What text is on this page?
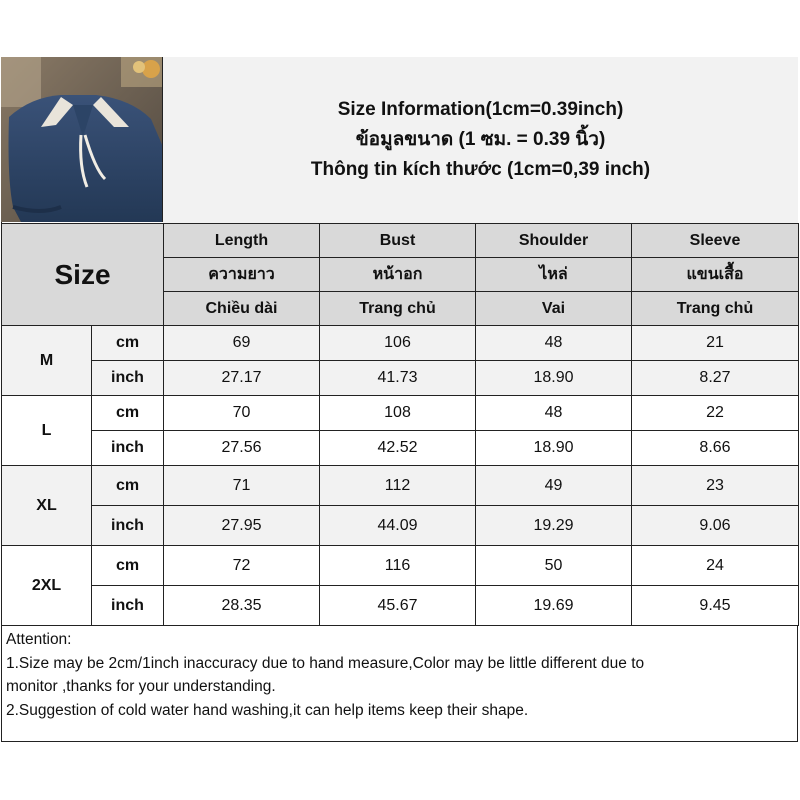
Size Information(1cm=0.39inch)
ข้อมูลขนาด (1 ซม. = 0.39 นิ้ว)
Thông tin kích thước (1cm=0,39 inch)
Size		Length	Bust	Shoulder	Sleeve
		ความยาว	หน้าอก	ไหล่	แขนเสื้อ
		Chiều dài	Trang chủ	Vai	Trang chủ
M	cm	69	106	48	21
	inch	27.17	41.73	18.90	8.27
L	cm	70	108	48	22
	inch	27.56	42.52	18.90	8.66
XL	cm	71	112	49	23
	inch	27.95	44.09	19.29	9.06
2XL	cm	72	116	50	24
	inch	28.35	45.67	19.69	9.45

Attention:

1.Size may be 2cm/1inch inaccuracy due to hand measure,Color may be little different due to

monitor ,thanks for your understanding.

2.Suggestion of cold water hand washing,it can help items keep their shape.
